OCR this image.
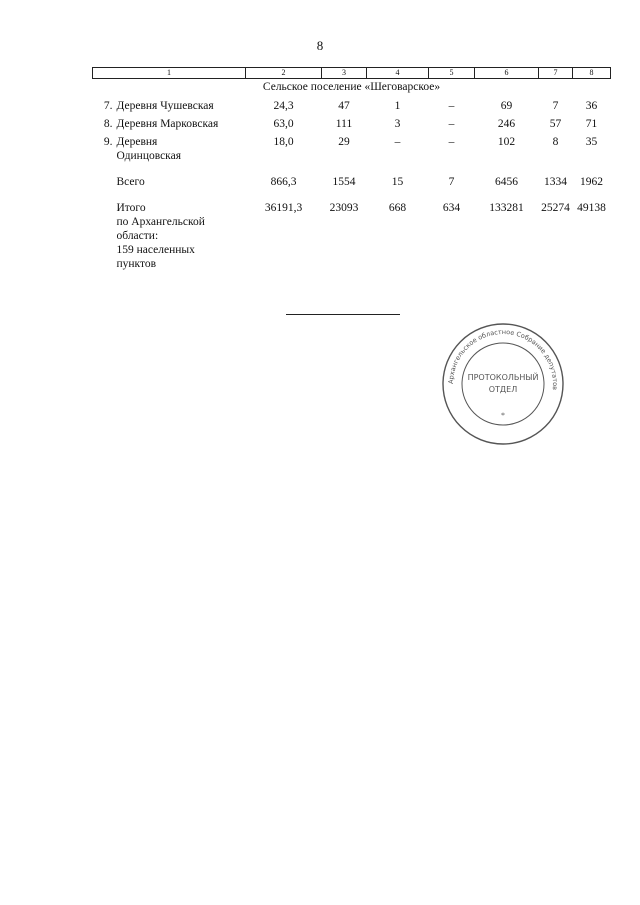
8
1		2	3	4	5	6	7	8
Сельское поселение «Шеговарское»								
7.	Деревня Чушевская	24,3	47	1	–	69	7	36
8.	Деревня Марковская	63,0	111	3	–	246	57	71
9.	Деревня
Одинцовская	18,0	29	–	–	102	8	35

	Всего	866,3	1554	15	7	6456	1334	1962

	Итого
по Архангельской
области:
159 населенных
пунктов	36191,3	23093	668	634	133281	25274	49138
Архангельское областное Собрание депутатов
ПРОТОКОЛЬНЫЙ
ОТДЕЛ
*
